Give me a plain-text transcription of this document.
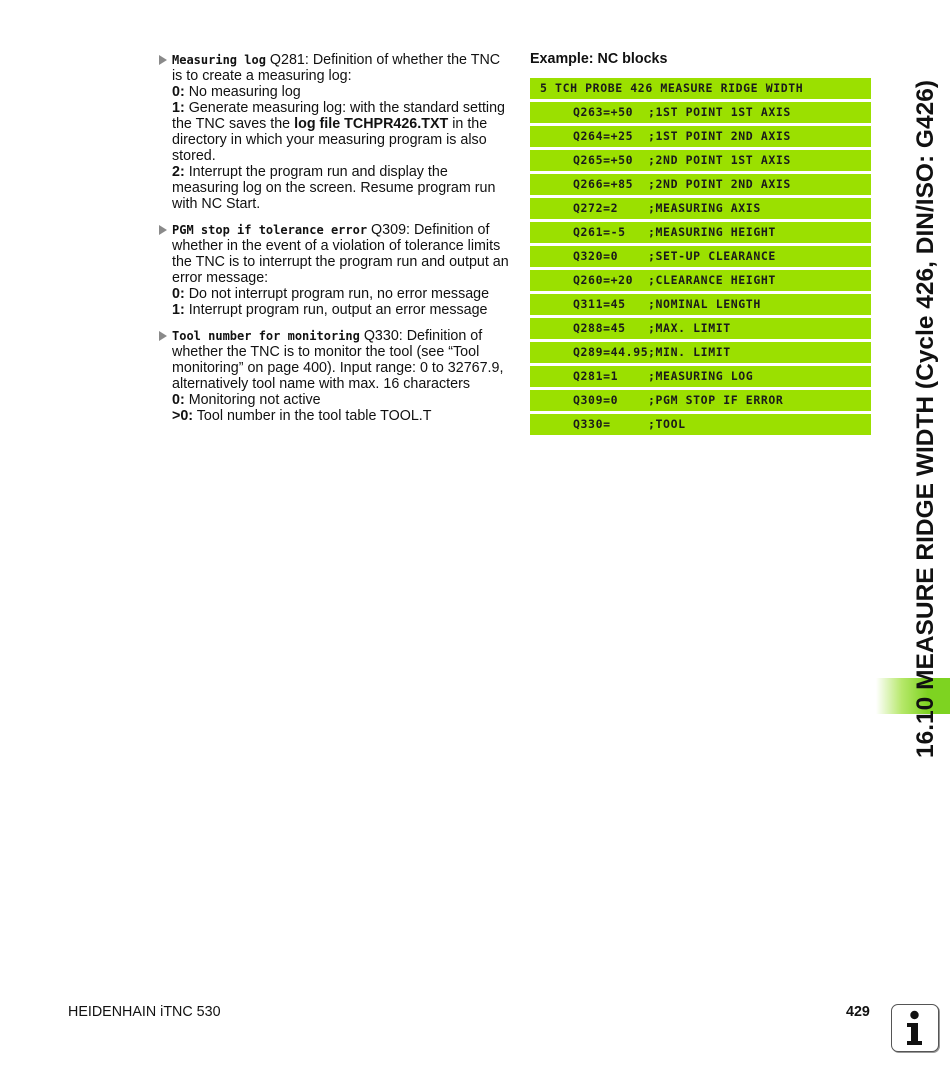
Measuring log Q281: Definition of whether the TNC is to create a measuring log:
0: No measuring log
1: Generate measuring log: with the standard setting the TNC saves the log file TCHPR426.TXT in the directory in which your measuring program is also stored.
2: Interrupt the program run and display the measuring log on the screen. Resume program run with NC Start.
PGM stop if tolerance error Q309: Definition of whether in the event of a violation of tolerance limits the TNC is to interrupt the program run and output an error message:
0: Do not interrupt program run, no error message
1: Interrupt program run, output an error message
Tool number for monitoring Q330: Definition of whether the TNC is to monitor the tool (see “Tool monitoring” on page 400). Input range: 0 to 32767.9, alternatively tool name with max. 16 characters
0: Monitoring not active
>0: Tool number in the tool table TOOL.T
Example: NC blocks
5 TCH PROBE 426 MEASURE RIDGE WIDTH
Q263=+50 ;1ST POINT 1ST AXIS
Q264=+25 ;1ST POINT 2ND AXIS
Q265=+50 ;2ND POINT 1ST AXIS
Q266=+85 ;2ND POINT 2ND AXIS
Q272=2	;MEASURING AXIS
Q261=-5 ;MEASURING HEIGHT
Q320=0	;SET-UP CLEARANCE
Q260=+20 ;CLEARANCE HEIGHT
Q311=45 ;NOMINAL LENGTH
Q288=45 ;MAX. LIMIT
Q289=44.95;MIN. LIMIT
Q281=1	;MEASURING LOG
Q309=0	;PGM STOP IF ERROR
Q330=	;TOOL	16.10 MEASURE RIDGE WIDTH (Cycle 426, DIN/ISO: G426)
HEIDENHAIN iTNC 530	429
